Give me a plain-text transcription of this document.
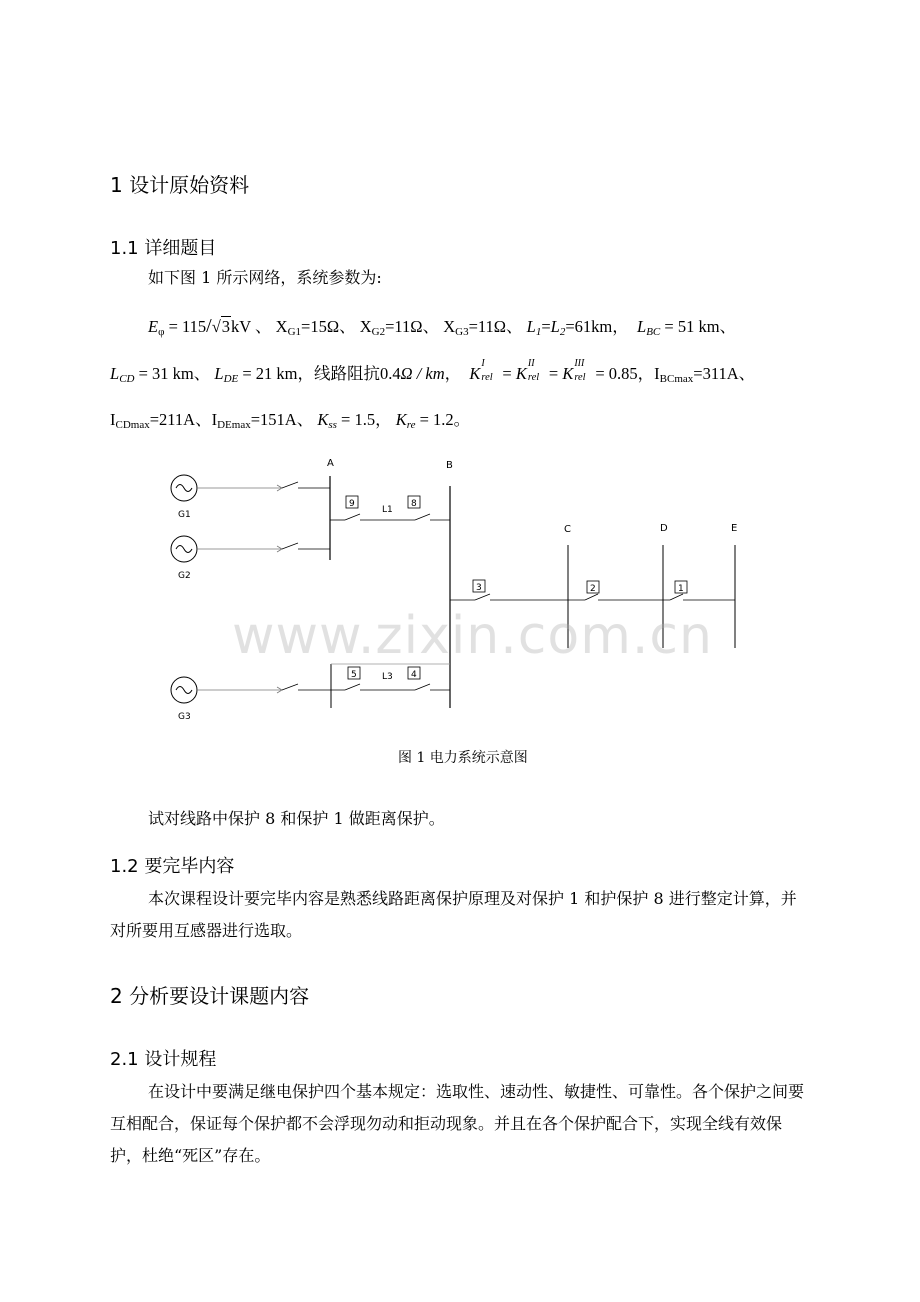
1 设计原始资料
1.1 详细题目
如下图 1 所示网络，系统参数为:
$E_\varphi = 115/√3kV$ 、 $X_{G1}=15\Omega$、 $X_{G2}=11\Omega$、 $X_{G3}=11\Omega$、 $L_1=L_2=61km$，  $L_{BC} = 51$ km、
$L_{CD} = 31$ km、 $L_{DE} = 21$ km，线路阻抗0.4Ω / km，  K
I
rel = K
II
rel = K
III
rel = 0.85，$I_{BCmax}=311A$、
$I_{CDmax}=211A$、$I_{DEmax}=151A$、 $K_{ss} = 1.5$， $K_{re} = 1.2$。
A	B
C	D	E
G1
G2
G3
L1
L3
9	8
3	2	1
5	4
图 1 电力系统示意图
www.zixin.com.cn
试对线路中保护 8 和保护 1 做距离保护。
1.2 要完毕内容
本次课程设计要完毕内容是熟悉线路距离保护原理及对保护 1 和护保护 8 进行整定计算，并对所要用互感器进行选取。
2 分析要设计课题内容
2.1 设计规程
在设计中要满足继电保护四个基本规定：选取性、速动性、敏捷性、可靠性。各个保护之间要互相配合，保证每个保护都不会浮现勿动和拒动现象。并且在各个保护配合下，实现全线有效保护，杜绝“死区”存在。
